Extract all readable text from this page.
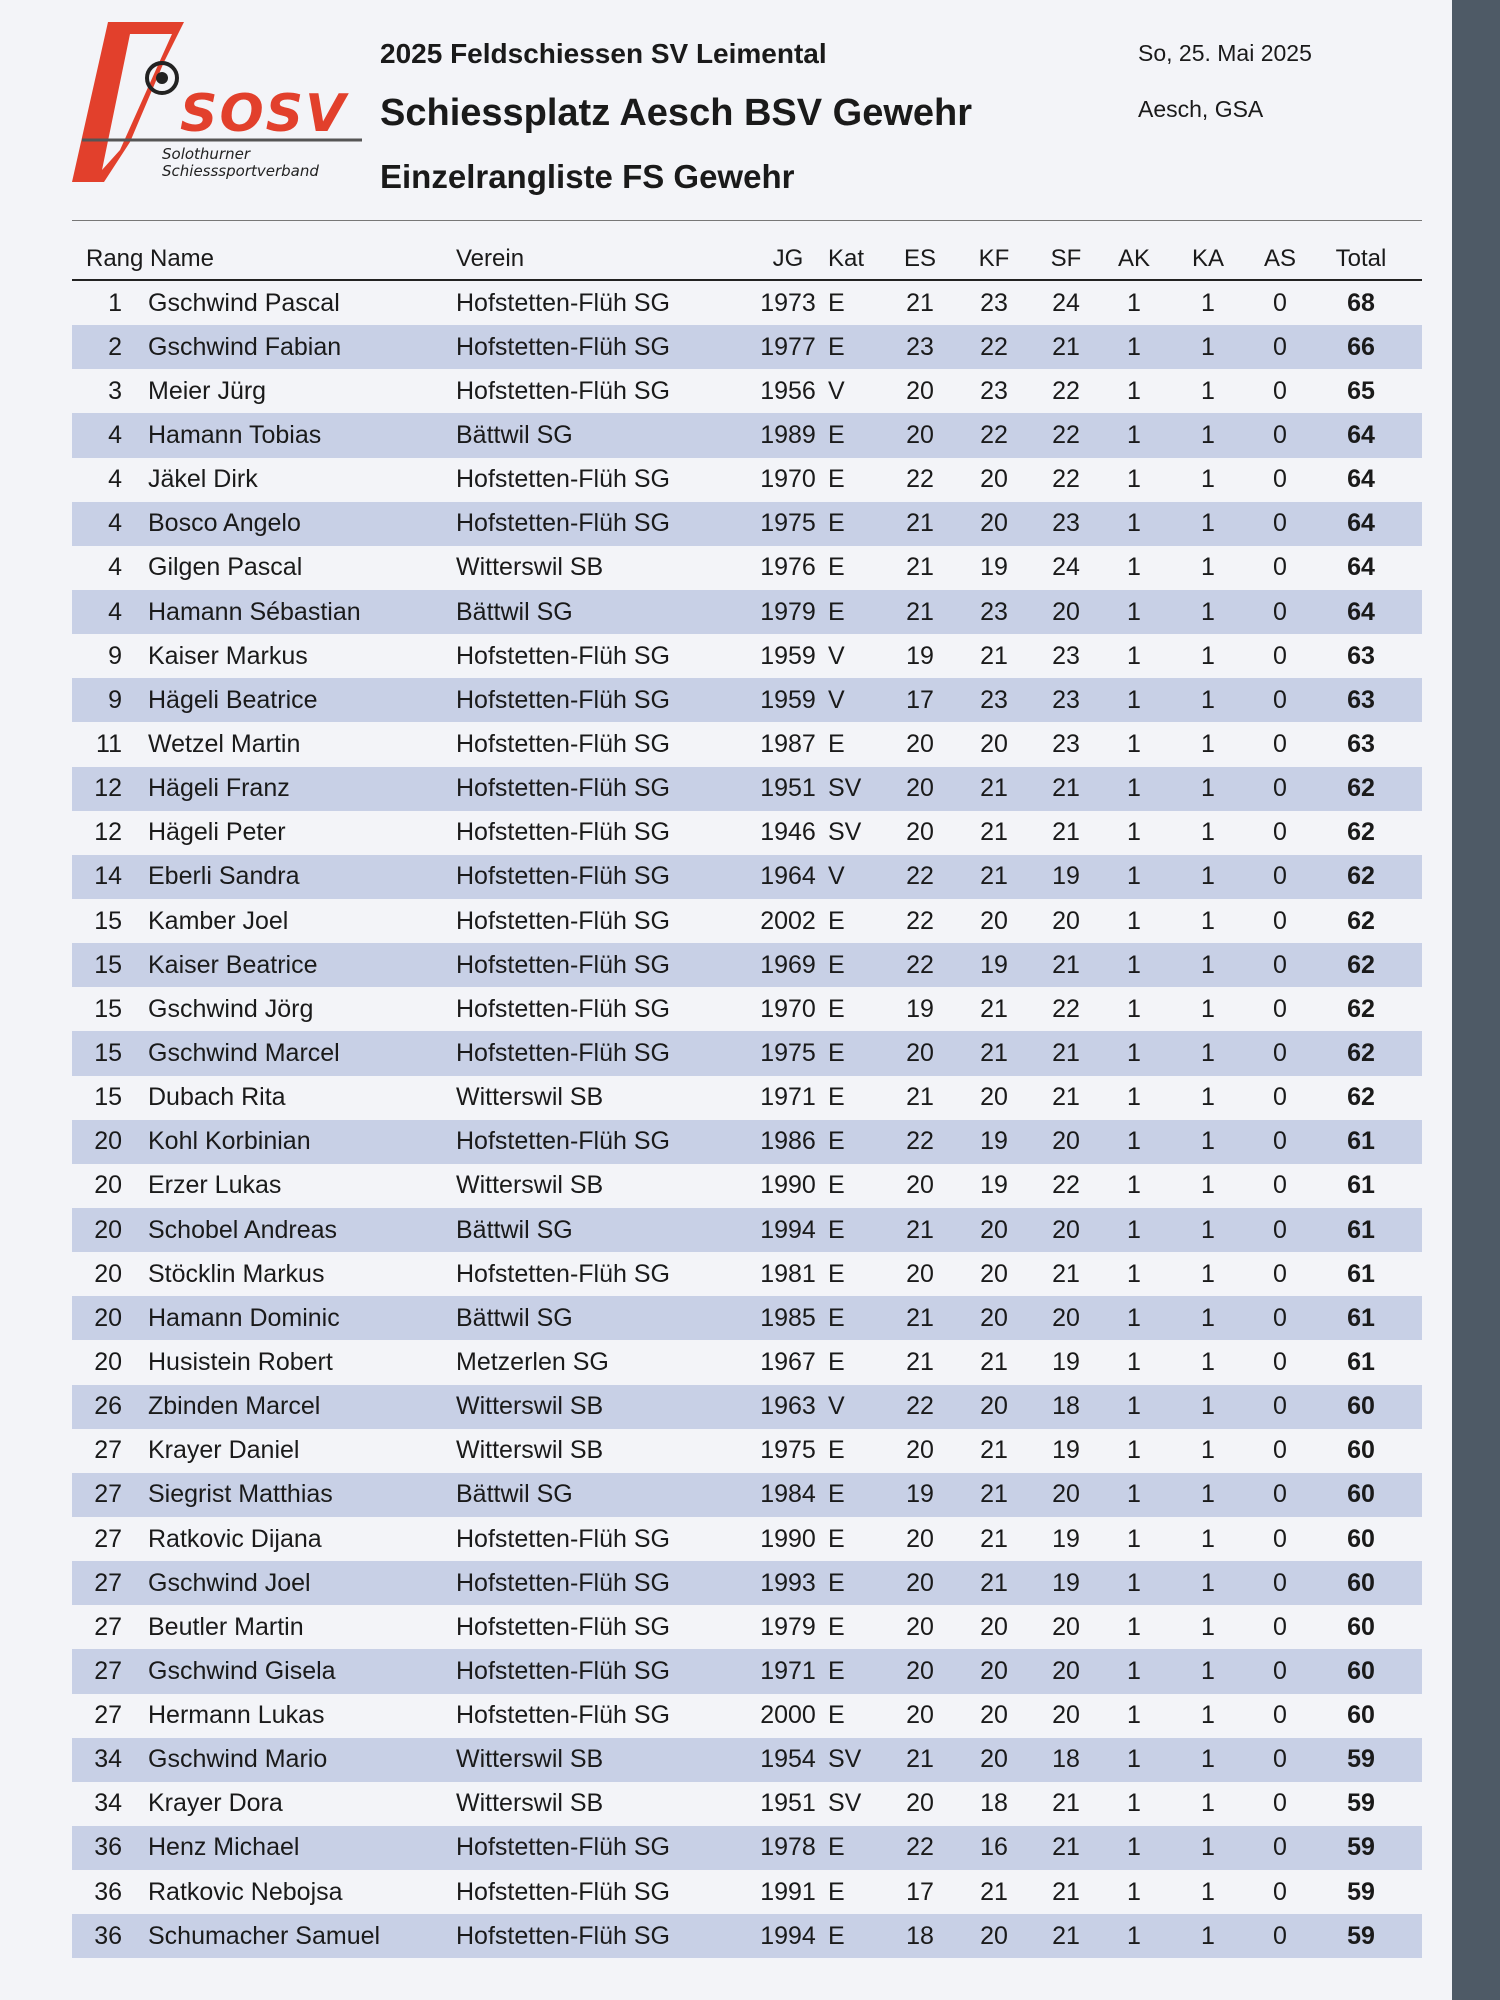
SOSV
Solothurner
Schiesssportverband
2025 Feldschiessen SV Leimental
Schiessplatz Aesch BSV Gewehr
Einzelrangliste FS Gewehr
So, 25. Mai 2025
Aesch, GSA
Rang Name	Verein	JG	Kat	ES	KF	SF	AK	KA	AS	Total
1 Gschwind Pascal	Hofstetten-Flüh SG	1973 E	21	23	24	1	1	0	68
2 Gschwind Fabian	Hofstetten-Flüh SG	1977 E	23	22	21	1	1	0	66
3 Meier Jürg	Hofstetten-Flüh SG	1956 V	20	23	22	1	1	0	65
4 Hamann Tobias	Bättwil SG	1989 E	20	22	22	1	1	0	64
4 Jäkel Dirk	Hofstetten-Flüh SG	1970 E	22	20	22	1	1	0	64
4 Bosco Angelo	Hofstetten-Flüh SG	1975 E	21	20	23	1	1	0	64
4 Gilgen Pascal	Witterswil SB	1976 E	21	19	24	1	1	0	64
4 Hamann Sébastian	Bättwil SG	1979 E	21	23	20	1	1	0	64
9 Kaiser Markus	Hofstetten-Flüh SG	1959 V	19	21	23	1	1	0	63
9 Hägeli Beatrice	Hofstetten-Flüh SG	1959 V	17	23	23	1	1	0	63
11 Wetzel Martin	Hofstetten-Flüh SG	1987 E	20	20	23	1	1	0	63
12 Hägeli Franz	Hofstetten-Flüh SG	1951 SV	20	21	21	1	1	0	62
12 Hägeli Peter	Hofstetten-Flüh SG	1946 SV	20	21	21	1	1	0	62
14 Eberli Sandra	Hofstetten-Flüh SG	1964 V	22	21	19	1	1	0	62
15 Kamber Joel	Hofstetten-Flüh SG	2002 E	22	20	20	1	1	0	62
15 Kaiser Beatrice	Hofstetten-Flüh SG	1969 E	22	19	21	1	1	0	62
15 Gschwind Jörg	Hofstetten-Flüh SG	1970 E	19	21	22	1	1	0	62
15 Gschwind Marcel	Hofstetten-Flüh SG	1975 E	20	21	21	1	1	0	62
15 Dubach Rita	Witterswil SB	1971 E	21	20	21	1	1	0	62
20 Kohl Korbinian	Hofstetten-Flüh SG	1986 E	22	19	20	1	1	0	61
20 Erzer Lukas	Witterswil SB	1990 E	20	19	22	1	1	0	61
20 Schobel Andreas	Bättwil SG	1994 E	21	20	20	1	1	0	61
20 Stöcklin Markus	Hofstetten-Flüh SG	1981 E	20	20	21	1	1	0	61
20 Hamann Dominic	Bättwil SG	1985 E	21	20	20	1	1	0	61
20 Husistein Robert	Metzerlen SG	1967 E	21	21	19	1	1	0	61
26 Zbinden Marcel	Witterswil SB	1963 V	22	20	18	1	1	0	60
27 Krayer Daniel	Witterswil SB	1975 E	20	21	19	1	1	0	60
27 Siegrist Matthias	Bättwil SG	1984 E	19	21	20	1	1	0	60
27 Ratkovic Dijana	Hofstetten-Flüh SG	1990 E	20	21	19	1	1	0	60
27 Gschwind Joel	Hofstetten-Flüh SG	1993 E	20	21	19	1	1	0	60
27 Beutler Martin	Hofstetten-Flüh SG	1979 E	20	20	20	1	1	0	60
27 Gschwind Gisela	Hofstetten-Flüh SG	1971 E	20	20	20	1	1	0	60
27 Hermann Lukas	Hofstetten-Flüh SG	2000 E	20	20	20	1	1	0	60
34 Gschwind Mario	Witterswil SB	1954 SV	21	20	18	1	1	0	59
34 Krayer Dora	Witterswil SB	1951 SV	20	18	21	1	1	0	59
36 Henz Michael	Hofstetten-Flüh SG	1978 E	22	16	21	1	1	0	59
36 Ratkovic Nebojsa	Hofstetten-Flüh SG	1991 E	17	21	21	1	1	0	59
36 Schumacher Samuel	Hofstetten-Flüh SG	1994 E	18	20	21	1	1	0	59
